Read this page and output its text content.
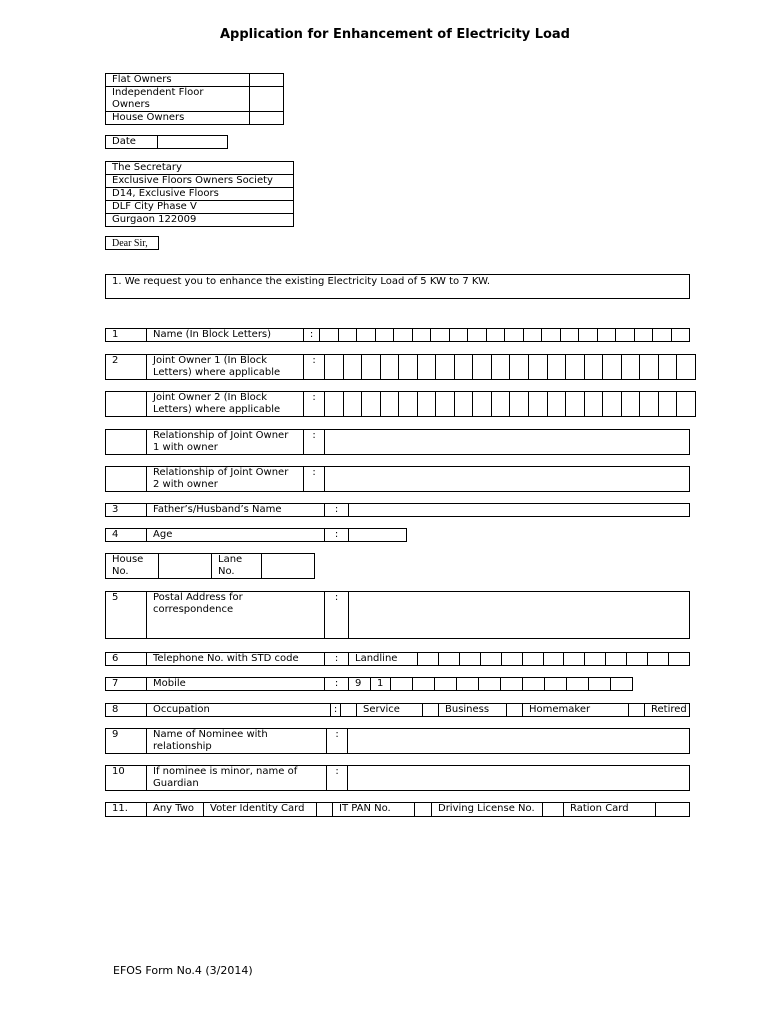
Application for Enhancement of Electricity Load
Flat Owners	
Independent Floor Owners	
House Owners	
Date	
The Secretary
Exclusive Floors Owners Society
D14, Exclusive Floors
DLF City Phase V
Gurgaon 122009
Dear Sir,
1. We request you to enhance the existing Electricity Load of 5 KW to 7 KW.
1	Name (In Block Letters)	:																				
2	Joint Owner 1 (In Block Letters) where applicable	:																				
	Joint Owner 2 (In Block Letters) where applicable	:																				
	Relationship of Joint Owner 1 with owner	:	
	Relationship of Joint Owner 2 with owner	:	
3	Father’s/Husband’s Name	:	
4	Age	:	
House No.		Lane No.	
5	Postal Address for correspondence	:	
6	Telephone No. with STD code	:	Landline													
7	Mobile	:	9	1											
8	Occupation	:		Service		Business		Homemaker		Retired
9	Name of Nominee with relationship	:	
10	If nominee is minor, name of Guardian	:	
11.	Any Two	Voter Identity Card		IT PAN No.		Driving License No.		Ration Card	
EFOS Form No.4 (3/2014)
